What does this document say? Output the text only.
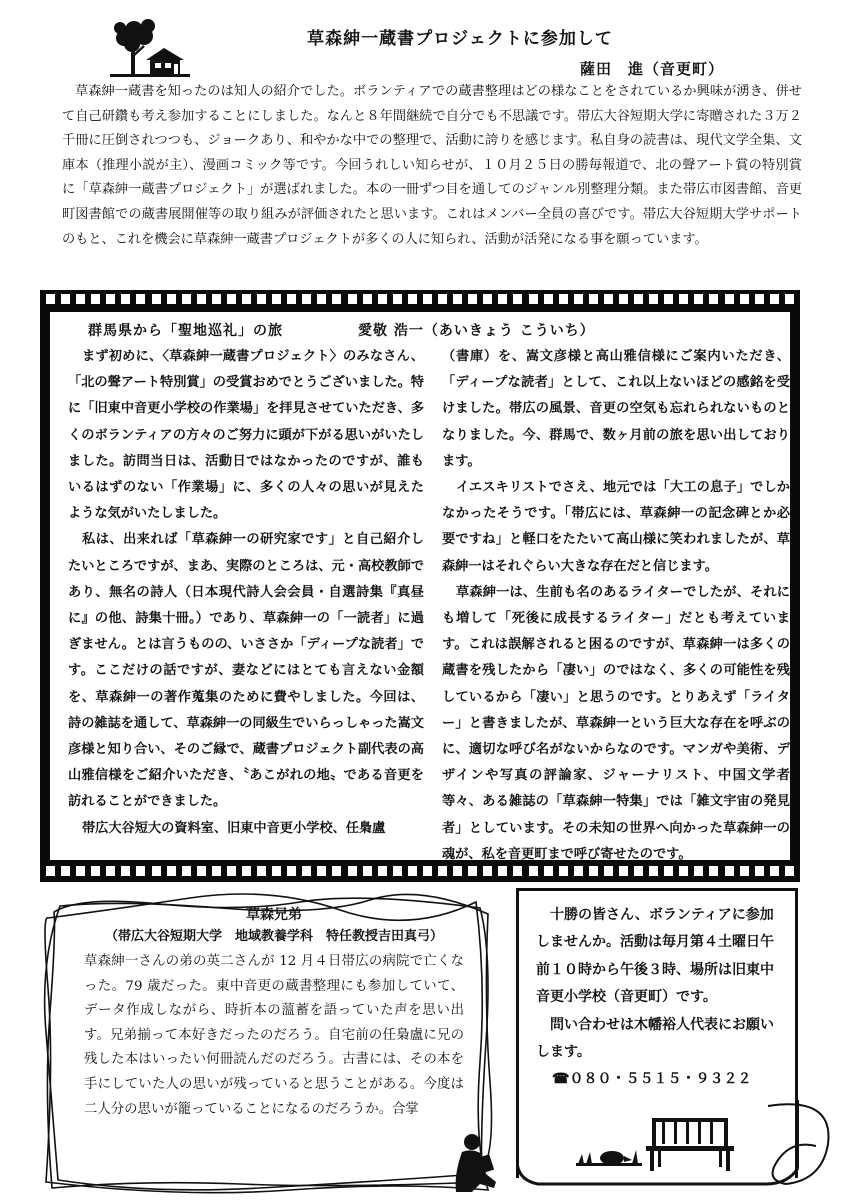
草森紳一蔵書プロジェクトに参加して
薩田　進（音更町）

草森紳一蔵書を知ったのは知人の紹介でした。ボランティアでの蔵書整理はどの様なことをされているか興味が湧き、併せて自己研鑽も考え参加することにしました。なんと８年間継続で自分でも不思議です。帯広大谷短期大学に寄贈された３万２千冊に圧倒されつつも、ジョークあり、和やかな中での整理で、活動に誇りを感じます。私自身の読書は、現代文学全集、文庫本（推理小説が主）、漫画コミック等です。今回うれしい知らせが、１０月２５日の勝毎報道で、北の聲アート賞の特別賞に「草森紳一蔵書プロジェクト」が選ばれました。本の一冊ずつ目を通してのジャンル別整理分類。また帯広市図書館、音更町図書館での蔵書展開催等の取り組みが評価されたと思います。これはメンバー全員の喜びです。帯広大谷短期大学サポートのもと、これを機会に草森紳一蔵書プロジェクトが多くの人に知られ、活動が活発になる事を願っています。

群馬県から「聖地巡礼」の旅	愛敬 浩一（あいきょう こういち）

まず初めに、〈草森紳一蔵書プロジェクト〉のみなさん、「北の聲アート特別賞」の受賞おめでとうございました。特に「旧東中音更小学校の作業場」を拝見させていただき、多くのボランティアの方々のご努力に頭が下がる思いがいたしました。訪問当日は、活動日ではなかったのですが、誰もいるはずのない「作業場」に、多くの人々の思いが見えたような気がいたしました。

私は、出来れば「草森紳一の研究家です」と自己紹介したいところですが、まあ、実際のところは、元・高校教師であり、無名の詩人（日本現代詩人会会員・自選詩集『真昼に』の他、詩集十冊。）であり、草森紳一の「一読者」に過ぎません。とは言うものの、いささか「ディープな読者」です。ここだけの話ですが、妻などにはとても言えない金額を、草森紳一の著作蒐集のために費やしました。今回は、詩の雑誌を通して、草森紳一の同級生でいらっしゃった嵩文彦様と知り合い、そのご縁で、蔵書プロジェクト副代表の高山雅信様をご紹介いただき、〝あこがれの地〟である音更を訪れることができました。

帯広大谷短大の資料室、旧東中音更小学校、任梟盧

（書庫）を、嵩文彦様と高山雅信様にご案内いただき、「ディープな読者」として、これ以上ないほどの感銘を受けました。帯広の風景、音更の空気も忘れられないものとなりました。今、群馬で、数ヶ月前の旅を思い出しております。

イエスキリストでさえ、地元では「大工の息子」でしかなかったそうです。「帯広には、草森紳一の記念碑とか必要ですね」と軽口をたたいて高山様に笑われましたが、草森紳一はそれぐらい大きな存在だと信じます。

草森紳一は、生前も名のあるライターでしたが、それにも増して「死後に成長するライター」だとも考えています。これは誤解されると困るのですが、草森紳一は多くの蔵書を残したから「凄い」のではなく、多くの可能性を残しているから「凄い」と思うのです。とりあえず「ライター」と書きましたが、草森紳一という巨大な存在を呼ぶのに、適切な呼び名がないからなのです。マンガや美術、デザインや写真の評論家、ジャーナリスト、中国文学者等々、ある雑誌の「草森紳一特集」では「雑文宇宙の発見者」としています。その未知の世界へ向かった草森紳一の魂が、私を音更町まで呼び寄せたのです。

草森兄弟

（帯広大谷短期大学　地域教養学科　特任教授吉田真弓）

草森紳一さんの弟の英二さんが 12 月４日帯広の病院で亡くなった。79 歳だった。東中音更の蔵書整理にも参加していて、データ作成しながら、時折本の薀蓄を語っていた声を思い出す。兄弟揃って本好きだったのだろう。自宅前の任梟盧に兄の残した本はいったい何冊読んだのだろう。古書には、その本を手にしていた人の思いが残っていると思うことがある。今度は二人分の思いが籠っていることになるのだろうか。合掌

十勝の皆さん、ボランティアに参加しませんか。活動は毎月第４土曜日午前１０時から午後３時、場所は旧東中音更小学校（音更町）です。

問い合わせは木幡裕人代表にお願いします。

☎０８０・５５１５・９３２２
